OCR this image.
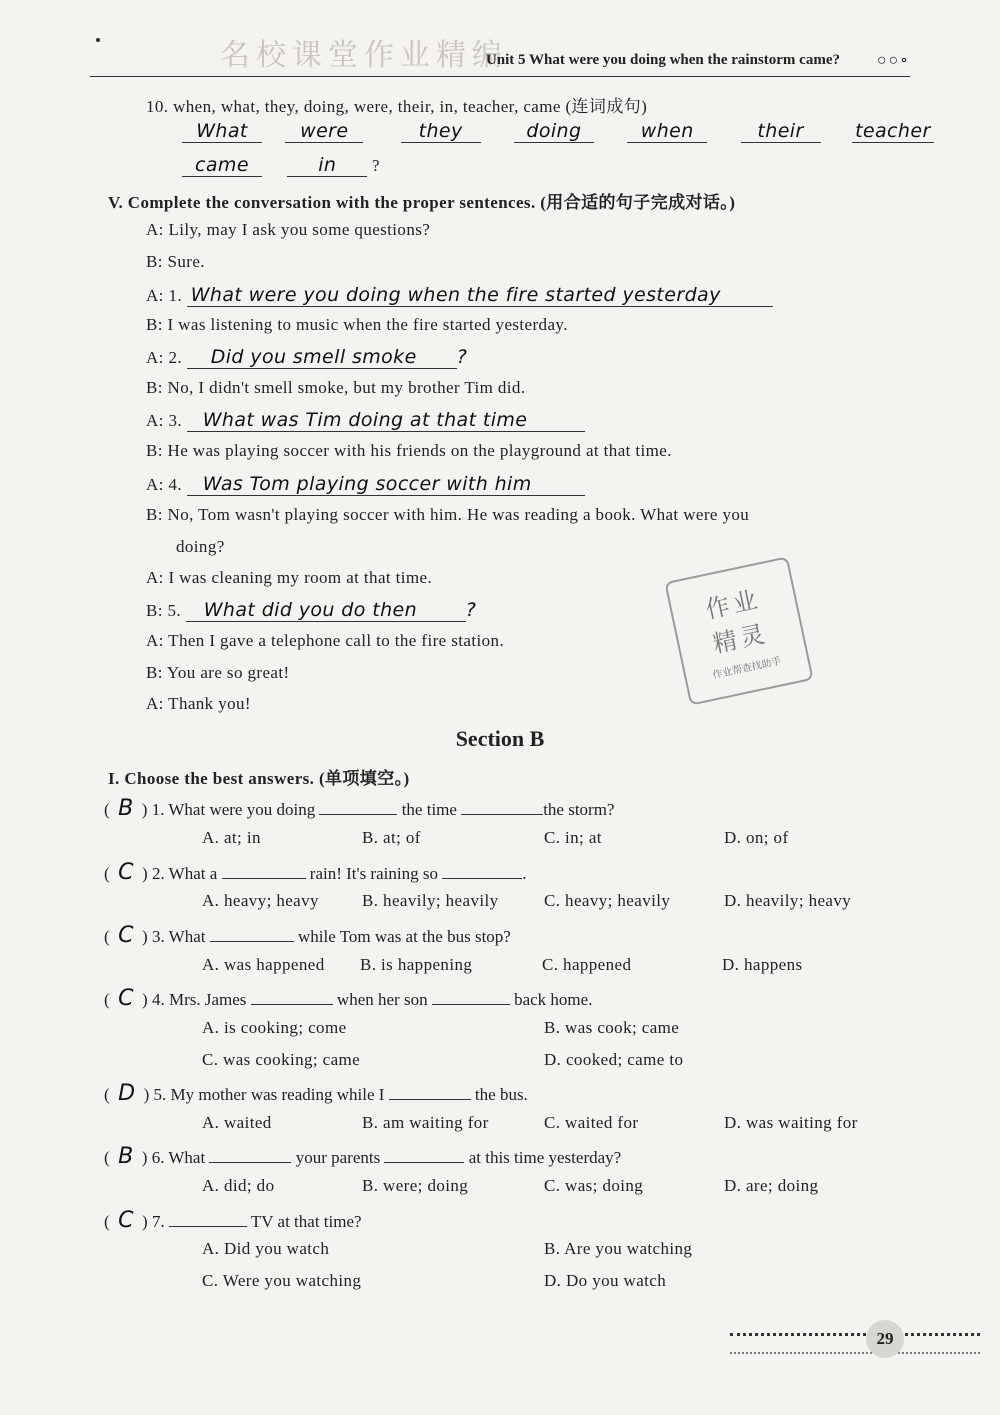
名校课堂作业精编
Unit 5 What were you doing when the rainstorm came? ○○∘
10. when, what, they, doing, were, their, in, teacher, came (连词成句)
What	were	they	doing	when	their	teacher
came	in ?
V. Complete the conversation with the proper sentences. (用合适的句子完成对话。)
A: Lily, may I ask you some questions?
B: Sure.
A: 1. What were you doing when the fire started yesterday
B: I was listening to music when the fire started yesterday.
A: 2. Did you smell smoke ?
B: No, I didn't smell smoke, but my brother Tim did.
A: 3. What was Tim doing at that time
B: He was playing soccer with his friends on the playground at that time.
A: 4. Was Tom playing soccer with him
B: No, Tom wasn't playing soccer with him. He was reading a book. What were you
doing?
A: I was cleaning my room at that time.
B: 5. What did you do then	?
A: Then I gave a telephone call to the fire station.
B: You are so great!
A: Thank you!
作业
精灵
作业帮查找助手
Section B
I. Choose the best answers. (单项填空。)
(  B  ) 1. What were you doing	the time	the storm?
A. at; in	B. at; of	C. in; at	D. on; of
(  C  ) 2. What a	rain! It's raining so	.
A. heavy; heavy	B. heavily; heavily	C. heavy; heavily	D. heavily; heavy
(  C  ) 3. What	while Tom was at the bus stop?
A. was happened B. is happening	C. happened	D. happens
(  C  ) 4. Mrs. James	when her son	back home.
A. is cooking; come	B. was cook; came
C. was cooking; came	D. cooked; came to
(  D  ) 5. My mother was reading while I	the bus.
A. waited	B. am waiting for	C. waited for	D. was waiting for
(  B  ) 6. What	your parents	at this time yesterday?
A. did; do	B. were; doing	C. was; doing	D. are; doing
(  C  ) 7.	TV at that time?
A. Did you watch	B. Are you watching
C. Were you watching	D. Do you watch
29
